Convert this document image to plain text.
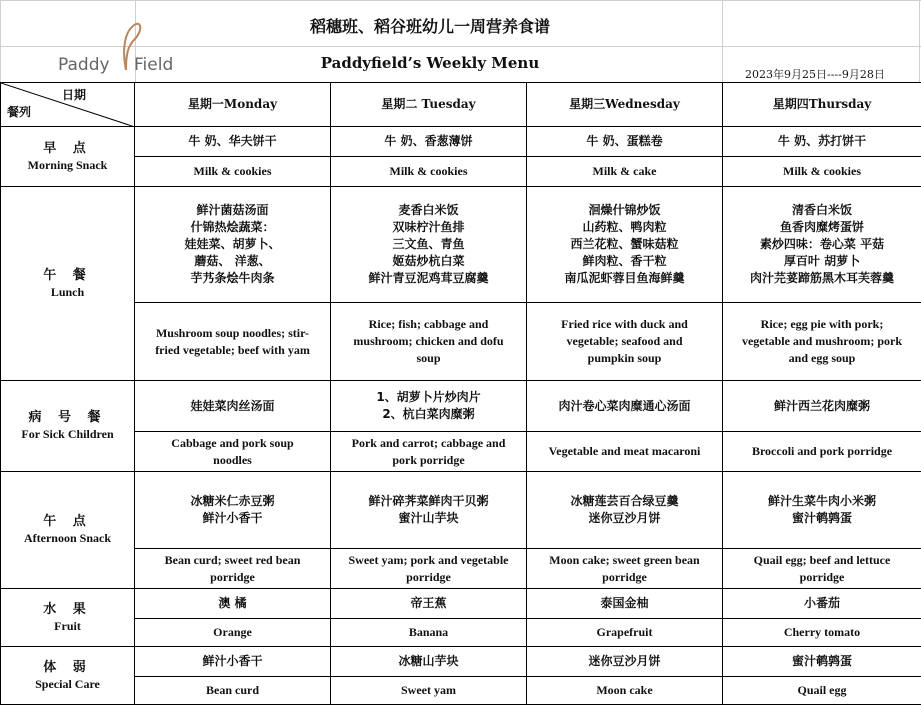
Paddy Field
稻穗班、稻谷班幼儿一周营养食谱
Paddyfield’s Weekly Menu
2023年9月25日----9月28日
日期
餐列	星期一Monday	星期二 Tuesday	星期三Wednesday	星期四Thursday

早 点
Morning Snack	牛 奶、华夫饼干	牛 奶、香葱薄饼	牛 奶、蛋糕卷	牛 奶、苏打饼干

	Milk & cookies	Milk & cookies	Milk & cake	Milk & cookies

午 餐
Lunch	鲜汁菌菇汤面
什锦热烩蔬菜：
娃娃菜、胡萝卜、
蘑菇、 洋葱、
芋艿条烩牛肉条	麦香白米饭
双味柠汁鱼排
三文鱼、青鱼
姬菇炒杭白菜
鲜汁青豆泥鸡茸豆腐羹	洄燥什锦炒饭
山药粒、鸭肉粒
西兰花粒、蟹味菇粒
鲜肉粒、香干粒
南瓜泥虾蓉目鱼海鲜羹	清香白米饭
鱼香肉糜烤蛋饼
素炒四味：卷心菜 平菇
厚百叶 胡萝卜
肉汁芫荽蹄筋黑木耳芙蓉羹

	Mushroom soup noodles; stir-
fried vegetable; beef with yam	Rice; fish; cabbage and
mushroom; chicken and dofu
soup	Fried rice with duck and
vegetable; seafood and
pumpkin soup	Rice; egg pie with pork;
vegetable and mushroom; pork
and egg soup

病 号 餐
For Sick Children	娃娃菜肉丝汤面	1、胡萝卜片炒肉片
2、杭白菜肉糜粥	肉汁卷心菜肉糜通心汤面	鲜汁西兰花肉糜粥

	Cabbage and pork soup
noodles	Pork and carrot; cabbage and
pork porridge	Vegetable and meat macaroni	Broccoli and pork porridge

午 点
Afternoon Snack	冰糖米仁赤豆粥
鲜汁小香干	鲜汁碎荠菜鲜肉干贝粥
蜜汁山芋块	冰糖莲芸百合绿豆羹
迷你豆沙月饼	鲜汁生菜牛肉小米粥
蜜汁鹌鹑蛋

	Bean curd; sweet red bean
porridge	Sweet yam; pork and vegetable
porridge	Moon cake; sweet green bean
porridge	Quail egg; beef and lettuce
porridge

水 果
Fruit	澳 橘	帝王蕉	泰国金柚	小番茄

	Orange	Banana	Grapefruit	Cherry tomato

体 弱
Special Care	鲜汁小香干	冰糖山芋块	迷你豆沙月饼	蜜汁鹌鹑蛋

	Bean curd	Sweet yam	Moon cake	Quail egg
